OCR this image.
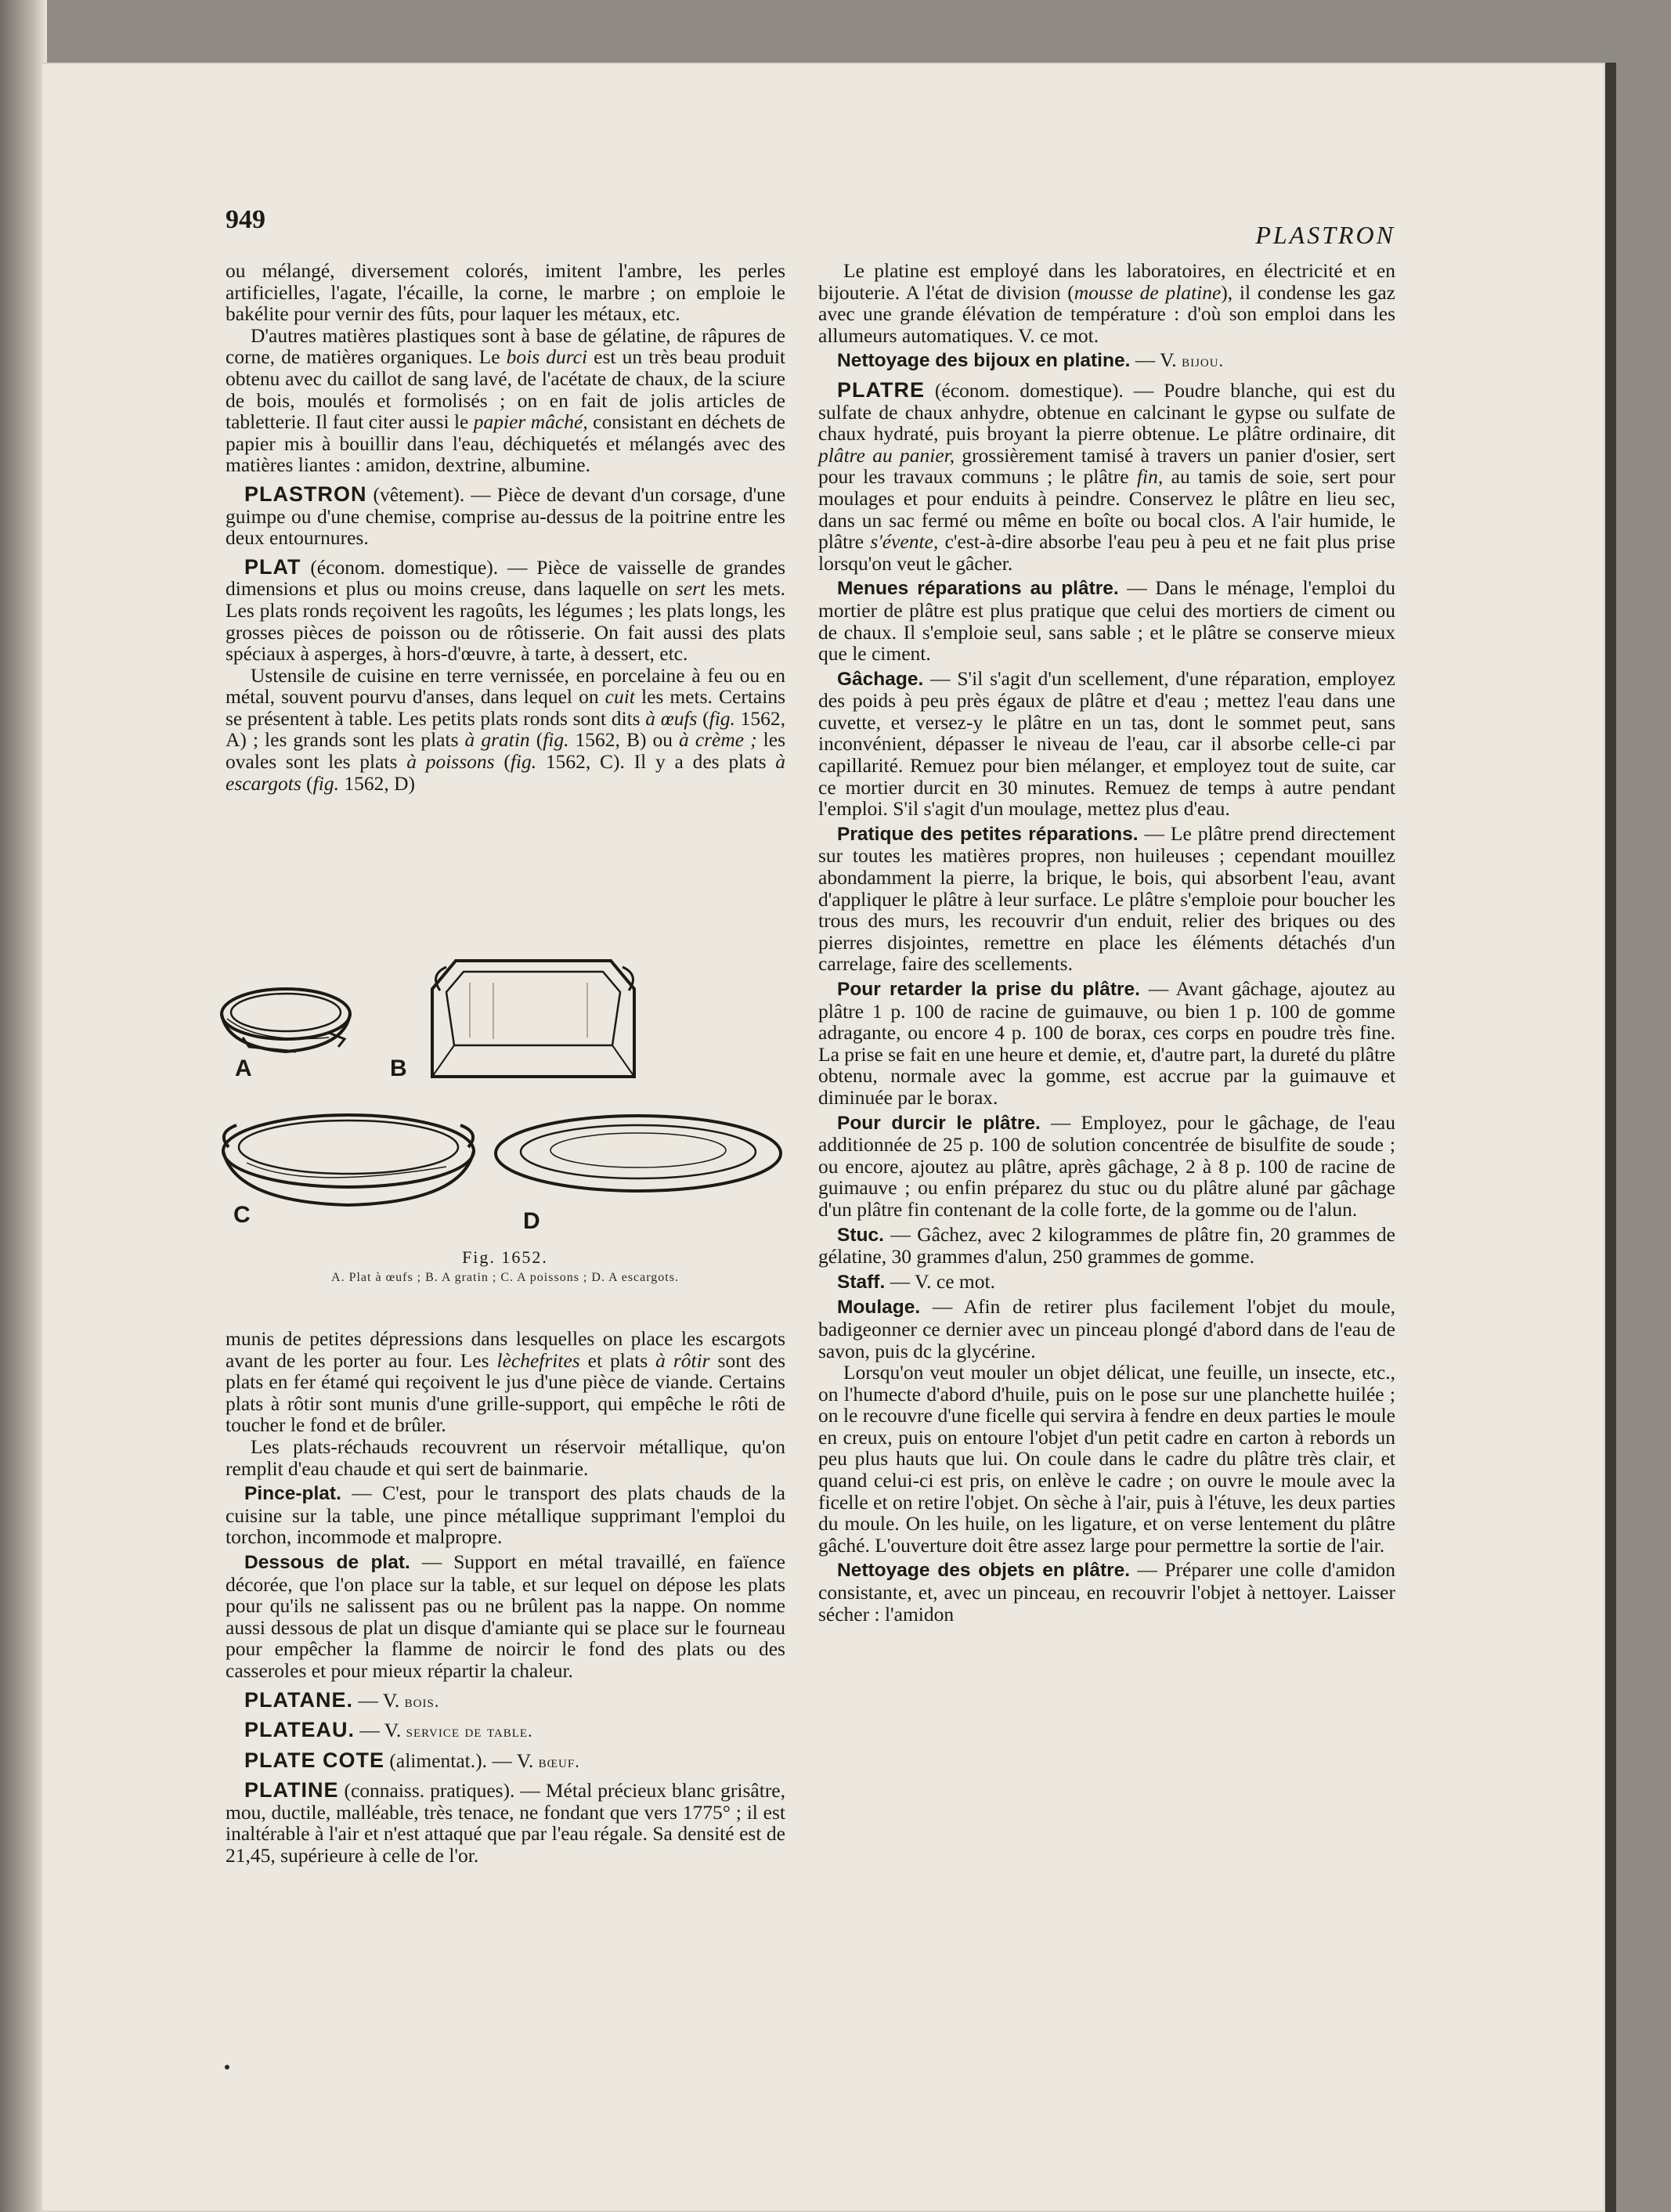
949
PLASTRON

ou mélangé, diversement colorés, imitent l'ambre, les perles artificielles, l'agate, l'écaille, la corne, le marbre ; on emploie le bakélite pour vernir des fûts, pour laquer les métaux, etc.

D'autres matières plastiques sont à base de gélatine, de râpures de corne, de matières organiques. Le bois durci est un très beau produit obtenu avec du caillot de sang lavé, de l'acétate de chaux, de la sciure de bois, moulés et formolisés ; on en fait de jolis articles de tabletterie. Il faut citer aussi le papier mâché, consistant en déchets de papier mis à bouillir dans l'eau, déchiquetés et mélangés avec des matières liantes : amidon, dextrine, albumine.

PLASTRON (vêtement). — Pièce de devant d'un corsage, d'une guimpe ou d'une chemise, comprise au-dessus de la poitrine entre les deux entournures.

PLAT (économ. domestique). — Pièce de vaisselle de grandes dimensions et plus ou moins creuse, dans laquelle on sert les mets. Les plats ronds reçoivent les ragoûts, les légumes ; les plats longs, les grosses pièces de poisson ou de rôtisserie. On fait aussi des plats spéciaux à asperges, à hors-d'œuvre, à tarte, à dessert, etc.

Ustensile de cuisine en terre vernissée, en porcelaine à feu ou en métal, souvent pourvu d'anses, dans lequel on cuit les mets. Certains se présentent à table. Les petits plats ronds sont dits à œufs (fig. 1562, A) ; les grands sont les plats à gratin (fig. 1562, B) ou à crème ; les ovales sont les plats à poissons (fig. 1562, C). Il y a des plats à escargots (fig. 1562, D)

A	B
C	D
Fig. 1652.
A. Plat à œufs ; B. A gratin ; C. A poissons ; D. A escargots.

munis de petites dépressions dans lesquelles on place les escargots avant de les porter au four. Les lèchefrites et plats à rôtir sont des plats en fer étamé qui reçoivent le jus d'une pièce de viande. Certains plats à rôtir sont munis d'une grille-support, qui empêche le rôti de toucher le fond et de brûler.

Les plats-réchauds recouvrent un réservoir métallique, qu'on remplit d'eau chaude et qui sert de bainmarie.

Pince-plat. — C'est, pour le transport des plats chauds de la cuisine sur la table, une pince métallique supprimant l'emploi du torchon, incommode et malpropre.

Dessous de plat. — Support en métal travaillé, en faïence décorée, que l'on place sur la table, et sur lequel on dépose les plats pour qu'ils ne salissent pas ou ne brûlent pas la nappe. On nomme aussi dessous de plat un disque d'amiante qui se place sur le fourneau pour empêcher la flamme de noircir le fond des plats ou des casseroles et pour mieux répartir la chaleur.

PLATANE. — V. bois.

PLATEAU. — V. service de table.

PLATE COTE (alimentat.). — V. bœuf.

PLATINE (connaiss. pratiques). — Métal précieux blanc grisâtre, mou, ductile, malléable, très tenace, ne fondant que vers 1775° ; il est inaltérable à l'air et n'est attaqué que par l'eau régale. Sa densité est de 21,45, supérieure à celle de l'or.

Le platine est employé dans les laboratoires, en électricité et en bijouterie. A l'état de division (mousse de platine), il condense les gaz avec une grande élévation de température : d'où son emploi dans les allumeurs automatiques. V. ce mot.

Nettoyage des bijoux en platine. — V. bijou.

PLATRE (économ. domestique). — Poudre blanche, qui est du sulfate de chaux anhydre, obtenue en calcinant le gypse ou sulfate de chaux hydraté, puis broyant la pierre obtenue. Le plâtre ordinaire, dit plâtre au panier, grossièrement tamisé à travers un panier d'osier, sert pour les travaux communs ; le plâtre fin, au tamis de soie, sert pour moulages et pour enduits à peindre. Conservez le plâtre en lieu sec, dans un sac fermé ou même en boîte ou bocal clos. A l'air humide, le plâtre s'évente, c'est-à-dire absorbe l'eau peu à peu et ne fait plus prise lorsqu'on veut le gâcher.

Menues réparations au plâtre. — Dans le ménage, l'emploi du mortier de plâtre est plus pratique que celui des mortiers de ciment ou de chaux. Il s'emploie seul, sans sable ; et le plâtre se conserve mieux que le ciment.

Gâchage. — S'il s'agit d'un scellement, d'une réparation, employez des poids à peu près égaux de plâtre et d'eau ; mettez l'eau dans une cuvette, et versez-y le plâtre en un tas, dont le sommet peut, sans inconvénient, dépasser le niveau de l'eau, car il absorbe celle-ci par capillarité. Remuez pour bien mélanger, et employez tout de suite, car ce mortier durcit en 30 minutes. Remuez de temps à autre pendant l'emploi. S'il s'agit d'un moulage, mettez plus d'eau.

Pratique des petites réparations. — Le plâtre prend directement sur toutes les matières propres, non huileuses ; cependant mouillez abondamment la pierre, la brique, le bois, qui absorbent l'eau, avant d'appliquer le plâtre à leur surface. Le plâtre s'emploie pour boucher les trous des murs, les recouvrir d'un enduit, relier des briques ou des pierres disjointes, remettre en place les éléments détachés d'un carrelage, faire des scellements.

Pour retarder la prise du plâtre. — Avant gâchage, ajoutez au plâtre 1 p. 100 de racine de guimauve, ou bien 1 p. 100 de gomme adragante, ou encore 4 p. 100 de borax, ces corps en poudre très fine. La prise se fait en une heure et demie, et, d'autre part, la dureté du plâtre obtenu, normale avec la gomme, est accrue par la guimauve et diminuée par le borax.

Pour durcir le plâtre. — Employez, pour le gâchage, de l'eau additionnée de 25 p. 100 de solution concentrée de bisulfite de soude ; ou encore, ajoutez au plâtre, après gâchage, 2 à 8 p. 100 de racine de guimauve ; ou enfin préparez du stuc ou du plâtre aluné par gâchage d'un plâtre fin contenant de la colle forte, de la gomme ou de l'alun.

Stuc. — Gâchez, avec 2 kilogrammes de plâtre fin, 20 grammes de gélatine, 30 grammes d'alun, 250 grammes de gomme.

Staff. — V. ce mot.

Moulage. — Afin de retirer plus facilement l'objet du moule, badigeonner ce dernier avec un pinceau plongé d'abord dans de l'eau de savon, puis dc la glycérine.

Lorsqu'on veut mouler un objet délicat, une feuille, un insecte, etc., on l'humecte d'abord d'huile, puis on le pose sur une planchette huilée ; on le recouvre d'une ficelle qui servira à fendre en deux parties le moule en creux, puis on entoure l'objet d'un petit cadre en carton à rebords un peu plus hauts que lui. On coule dans le cadre du plâtre très clair, et quand celui-ci est pris, on enlève le cadre ; on ouvre le moule avec la ficelle et on retire l'objet. On sèche à l'air, puis à l'étuve, les deux parties du moule. On les huile, on les ligature, et on verse lentement du plâtre gâché. L'ouverture doit être assez large pour permettre la sortie de l'air.

Nettoyage des objets en plâtre. — Préparer une colle d'amidon consistante, et, avec un pinceau, en recouvrir l'objet à nettoyer. Laisser sécher : l'amidon
